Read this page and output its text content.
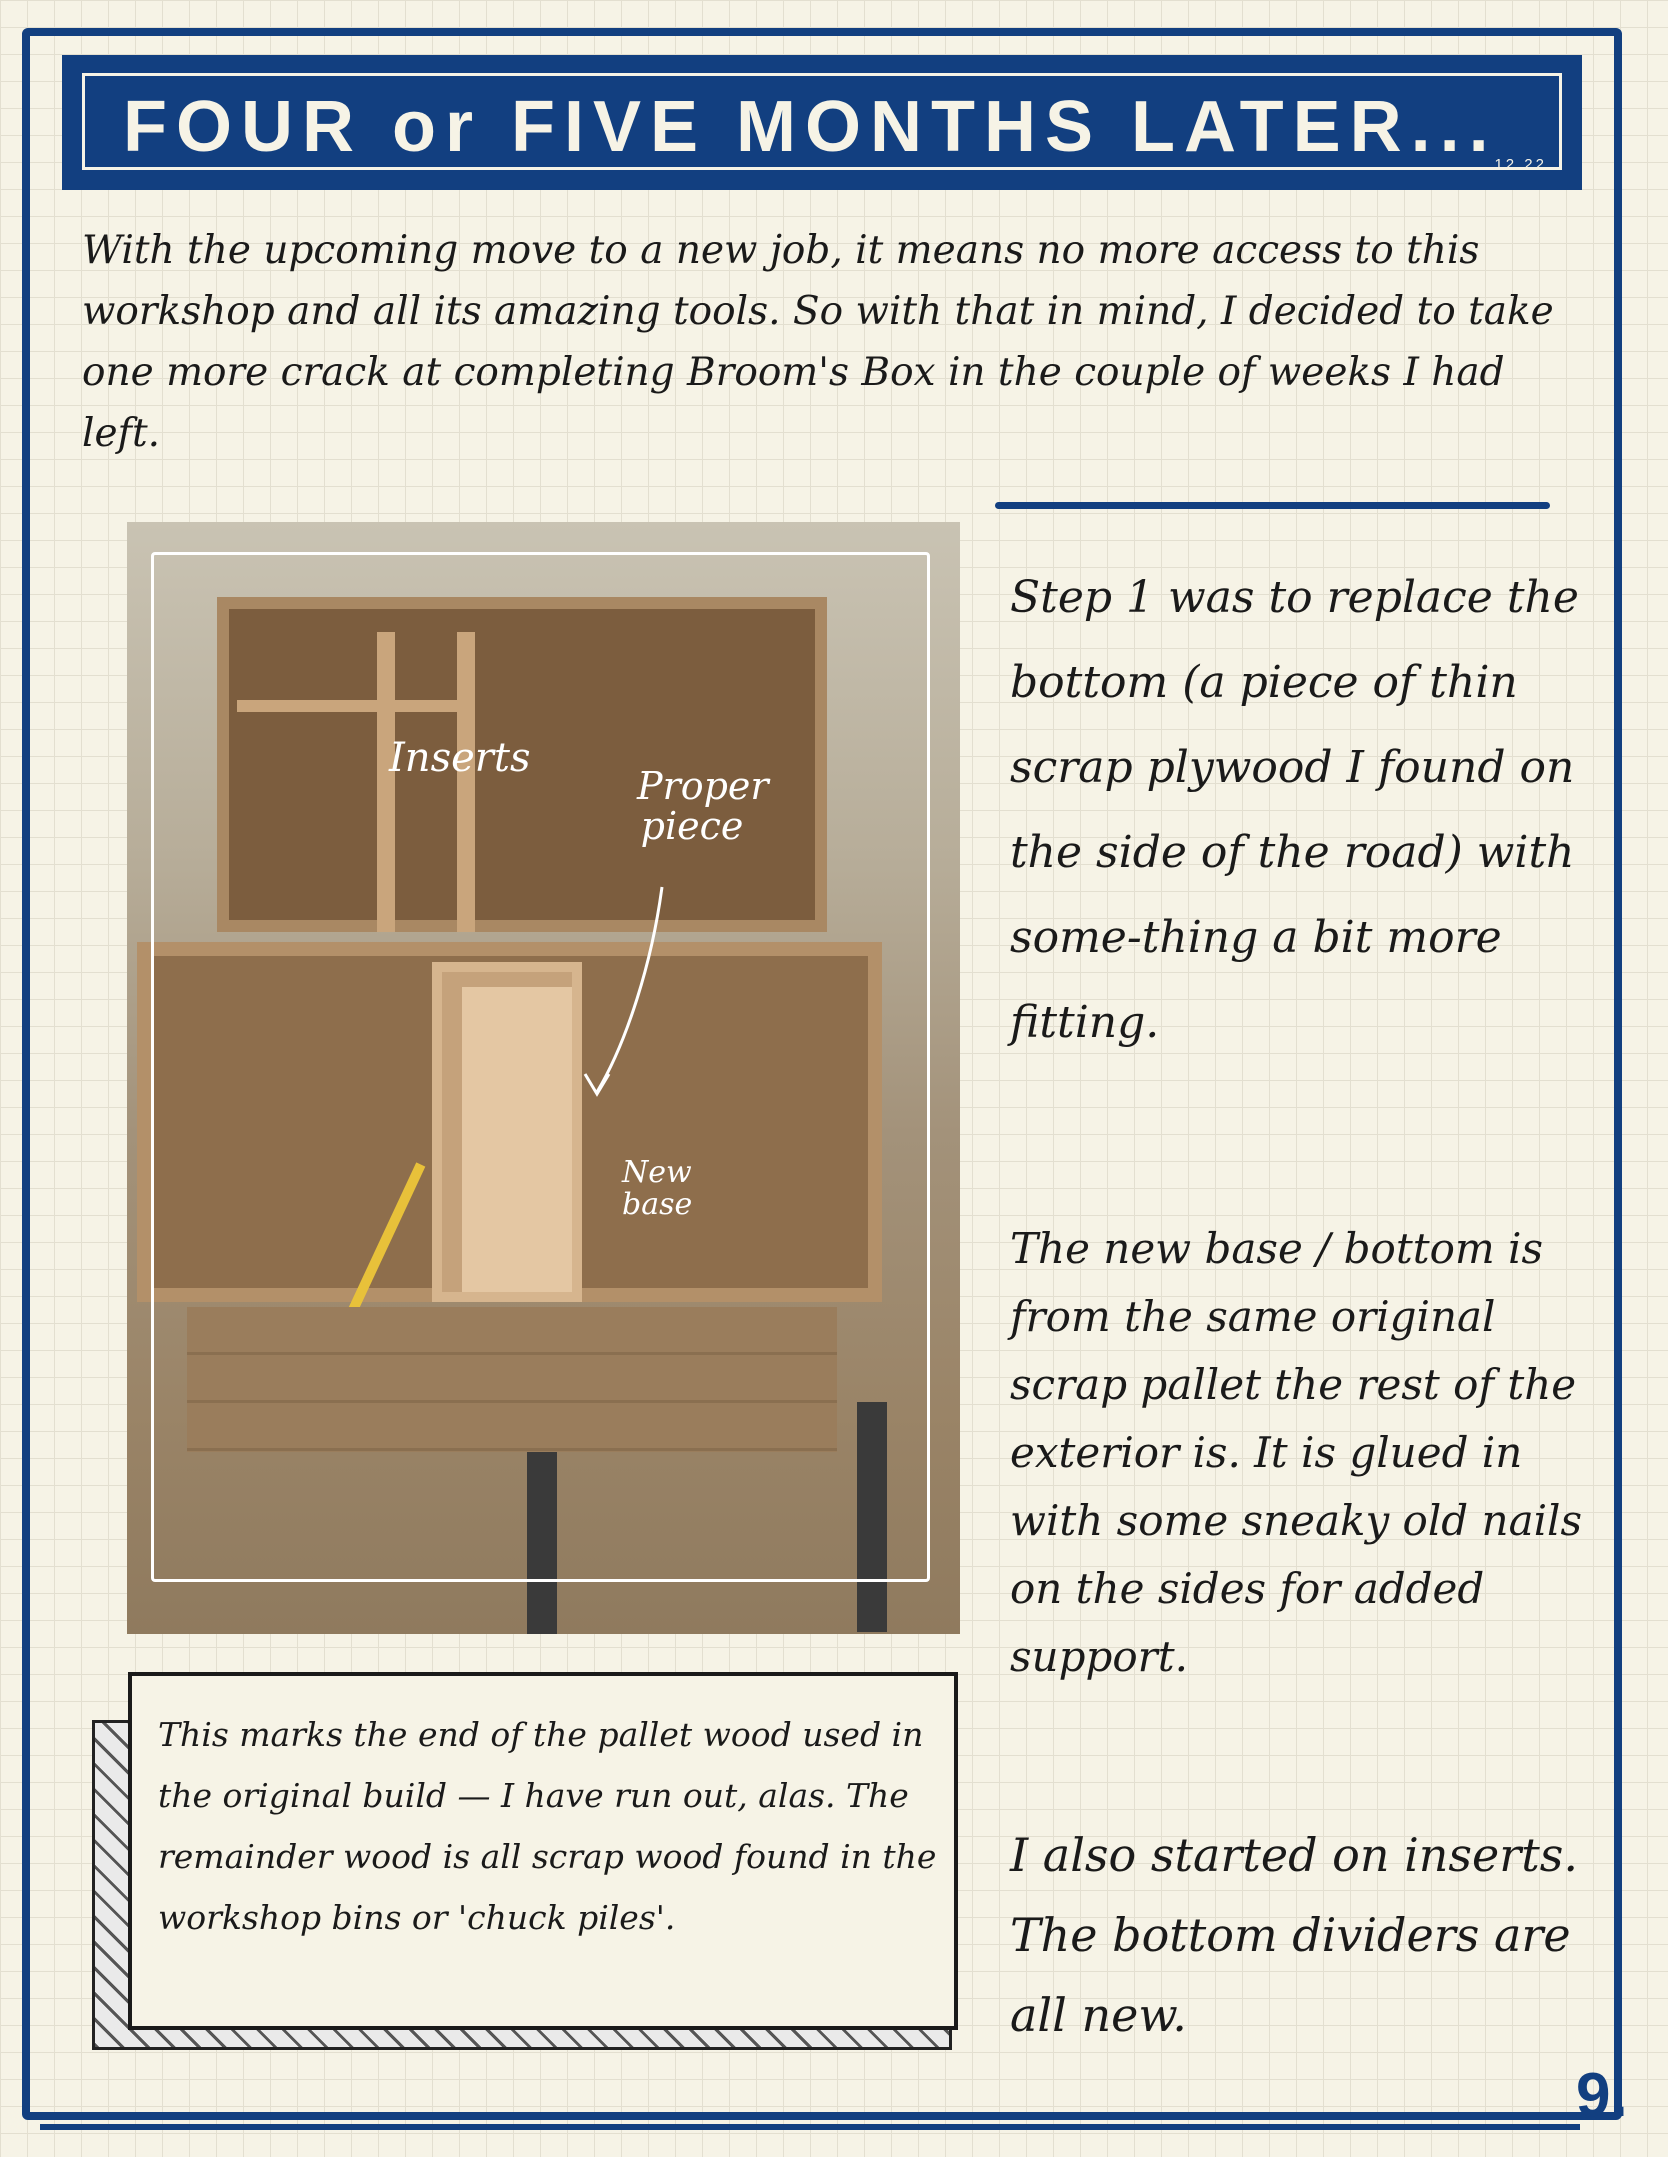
FOUR or FIVE MONTHS LATER...
12.22
With the upcoming move to a new job, it means no more access to this workshop and all its amazing tools. So with that in mind, I decided to take one more crack at completing Broom's Box in the couple of weeks I had left.
Inserts
Proper piece
New base
Step 1 was to replace the bottom (a piece of thin scrap plywood I found on the side of the road) with some-thing a bit more fitting.
The new base / bottom is from the same original scrap pallet the rest of the exterior is. It is glued in with some sneaky old nails on the sides for added support.
I also started on inserts. The bottom dividers are all new.
This marks the end of the pallet wood used in the original build — I have run out, alas. The remainder wood is all scrap wood found in the workshop bins or 'chuck piles'.
9.
